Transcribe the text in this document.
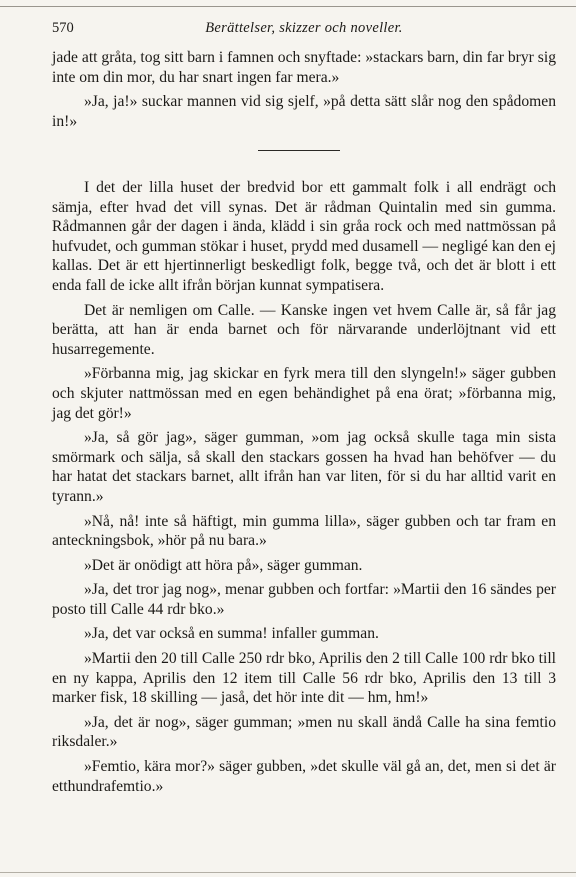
570	Berättelser, skizzer och noveller.

jade att gråta, tog sitt barn i famnen och snyftade: »stackars barn, din far bryr sig inte om din mor, du har snart ingen far mera.»

»Ja, ja!» suckar mannen vid sig sjelf, »på detta sätt slår nog den spådomen in!»

I det der lilla huset der bredvid bor ett gammalt folk i all endrägt och sämja, efter hvad det vill synas. Det är rådman Quintalin med sin gumma. Rådmannen går der dagen i ända, klädd i sin gråa rock och med nattmössan på hufvudet, och gumman stökar i huset, prydd med dusamell — negligé kan den ej kallas. Det är ett hjertinnerligt beskedligt folk, begge två, och det är blott i ett enda fall de icke allt ifrån början kunnat sympatisera.

Det är nemligen om Calle. — Kanske ingen vet hvem Calle är, så får jag berätta, att han är enda barnet och för närvarande underlöjtnant vid ett husarregemente.

»Förbanna mig, jag skickar en fyrk mera till den slyngeln!» säger gubben och skjuter nattmössan med en egen behändighet på ena örat; »förbanna mig, jag det gör!»

»Ja, så gör jag», säger gumman, »om jag också skulle taga min sista smörmark och sälja, så skall den stackars gossen ha hvad han behöfver — du har hatat det stackars barnet, allt ifrån han var liten, för si du har alltid varit en tyrann.»

»Nå, nå! inte så häftigt, min gumma lilla», säger gubben och tar fram en anteckningsbok, »hör på nu bara.»

»Det är onödigt att höra på», säger gumman.

»Ja, det tror jag nog», menar gubben och fortfar: »Martii den 16 sändes per posto till Calle 44 rdr bko.»

»Ja, det var också en summa! infaller gumman.

»Martii den 20 till Calle 250 rdr bko, Aprilis den 2 till Calle 100 rdr bko till en ny kappa, Aprilis den 12 item till Calle 56 rdr bko, Aprilis den 13 till 3 marker fisk, 18 skilling — jaså, det hör inte dit — hm, hm!»

»Ja, det är nog», säger gumman; »men nu skall ändå Calle ha sina femtio riksdaler.»

»Femtio, kära mor?» säger gubben, »det skulle väl gå an, det, men si det är etthundrafemtio.»
